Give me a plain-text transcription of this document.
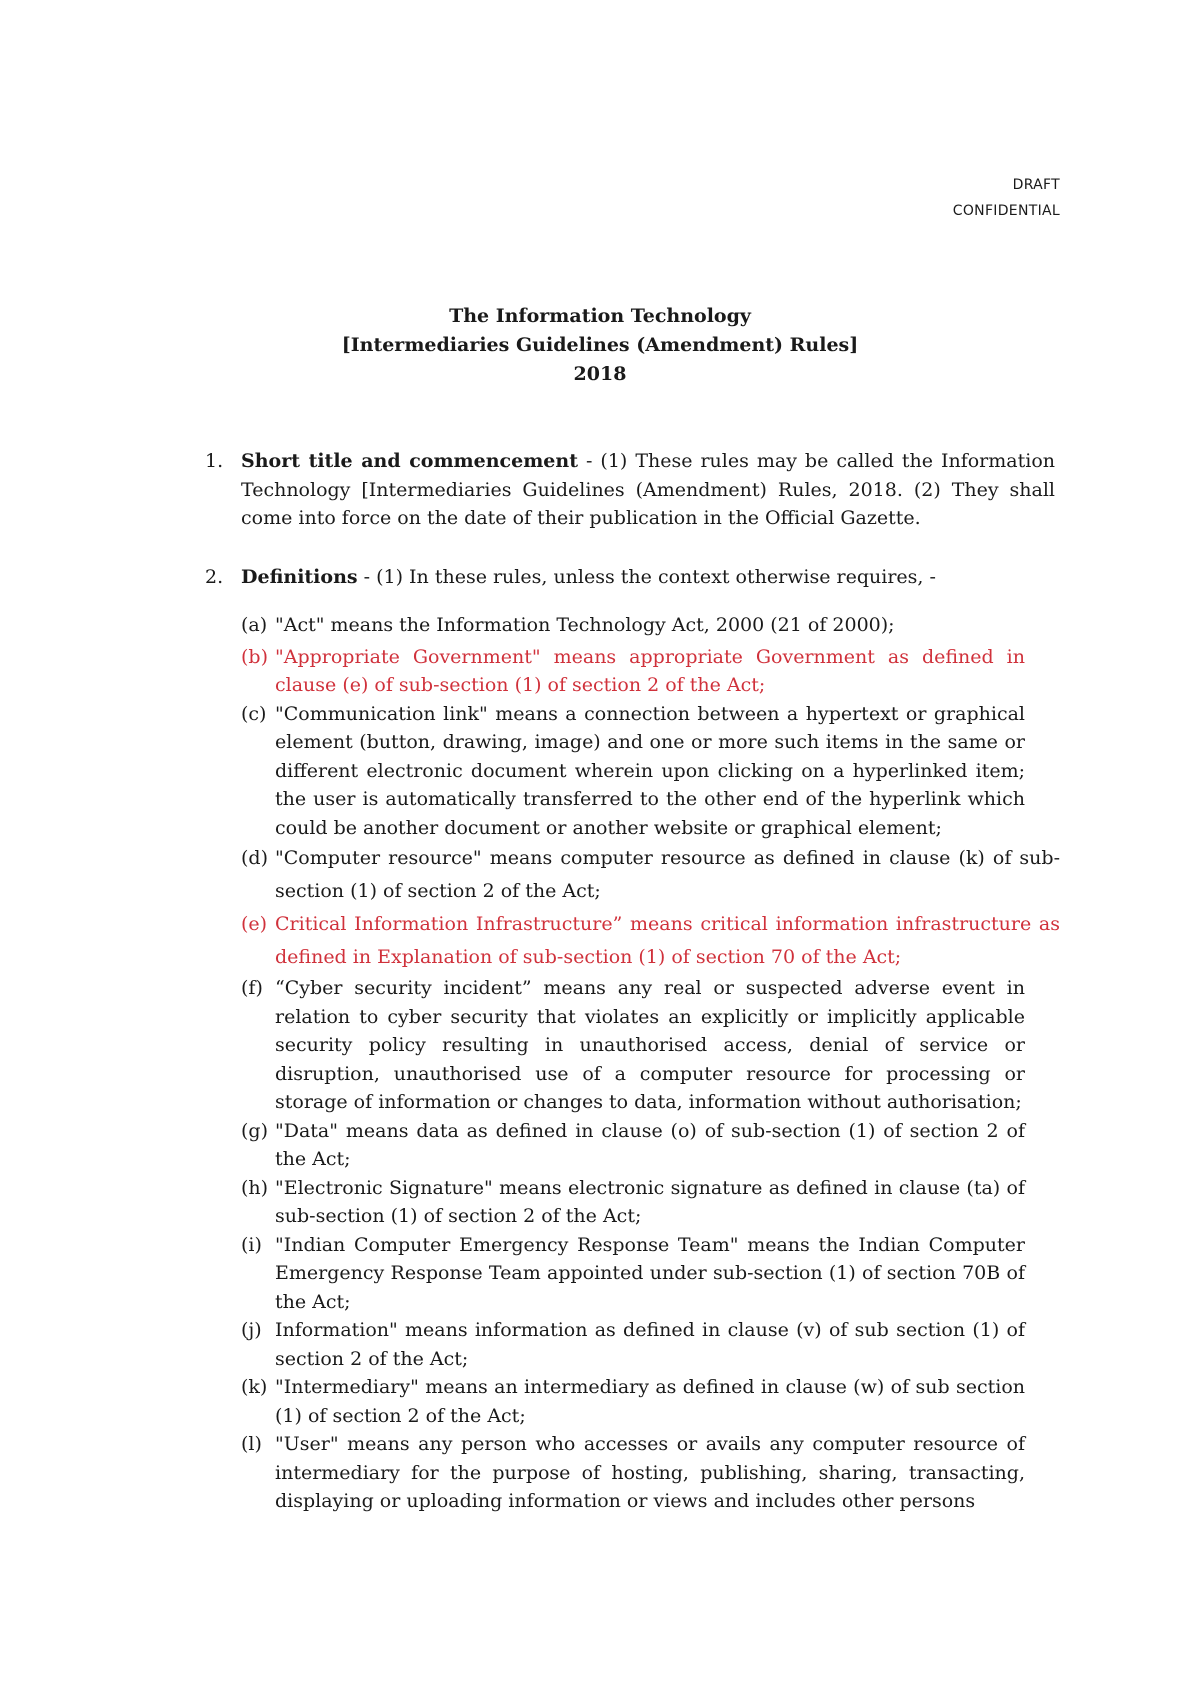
DRAFT
CONFIDENTIAL
The Information Technology
[Intermediaries Guidelines (Amendment) Rules]
2018
1. Short title and commencement - (1) These rules may be called the Information Technology [Intermediaries Guidelines (Amendment) Rules, 2018. (2) They shall come into force on the date of their publication in the Official Gazette.
2. Definitions - (1) In these rules, unless the context otherwise requires, -
(a) "Act" means the Information Technology Act, 2000 (21 of 2000);
(b) "Appropriate Government" means appropriate Government as defined in clause (e) of sub-section (1) of section 2 of the Act;
(c) "Communication link" means a connection between a hypertext or graphical element (button, drawing, image) and one or more such items in the same or different electronic document wherein upon clicking on a hyperlinked item; the user is automatically transferred to the other end of the hyperlink which could be another document or another website or graphical element;
(d) "Computer resource" means computer resource as defined in clause (k) of sub-section (1) of section 2 of the Act;
(e) Critical Information Infrastructure” means critical information infrastructure as defined in Explanation of sub-section (1) of section 70 of the Act;
(f) “Cyber security incident” means any real or suspected adverse event in relation to cyber security that violates an explicitly or implicitly applicable security policy resulting in unauthorised access, denial of service or disruption, unauthorised use of a computer resource for processing or storage of information or changes to data, information without authorisation;
(g) "Data" means data as defined in clause (o) of sub-section (1) of section 2 of the Act;
(h) "Electronic Signature" means electronic signature as defined in clause (ta) of sub-section (1) of section 2 of the Act;
(i) "Indian Computer Emergency Response Team" means the Indian Computer Emergency Response Team appointed under sub-section (1) of section 70B of the Act;
(j) Information" means information as defined in clause (v) of sub section (1) of section 2 of the Act;
(k) "Intermediary" means an intermediary as defined in clause (w) of sub section (1) of section 2 of the Act;
(l) "User" means any person who accesses or avails any computer resource of intermediary for the purpose of hosting, publishing, sharing, transacting, displaying or uploading information or views and includes other persons
